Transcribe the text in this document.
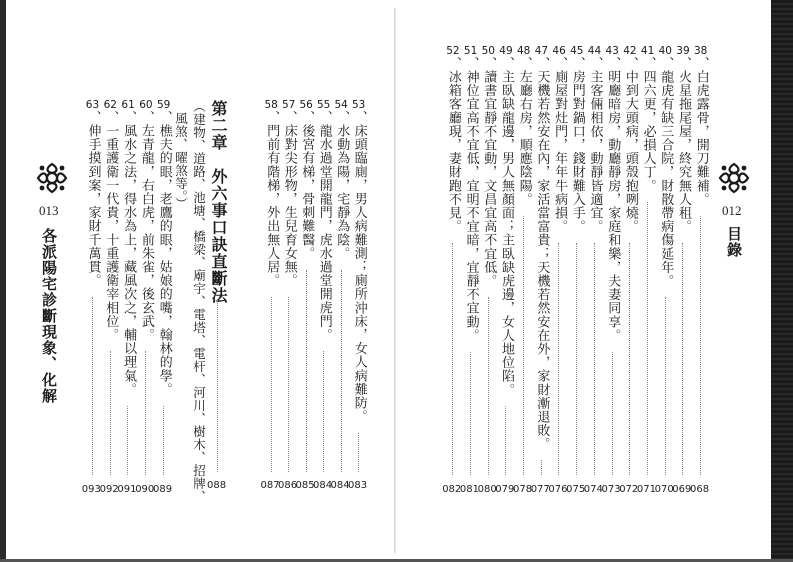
013
各派陽宅診斷現象、化解
第二章　外六事口訣直斷法
（建物、道路、池塘、橋梁、廟宇、電塔、電杆、河川、樹木、招牌、
風煞、曜煞等。）
088
012
目錄
38、白虎露骨，開刀難補。
068
39、火星拖尾屋，終究無人租。
069
40、龍虎有缺三合院，財散帶病傷延年。
070
41、四六更，必損人丁。
071
42、中到大頭病，頭殼抱咧燒。
072
43、明廳暗房，動廳靜房，家庭和樂，夫妻同享。
073
44、主客倆相依，動靜皆適宜。
074
45、房門對鍋口，錢財難入手。
075
46、廁屋對灶門，年年牛病損。
076
47、天機若然安在內，家活當富貴；天機若然安在外，家財漸退敗。
077
48、左廳右房，順應陰陽。
078
49、主臥缺龍邊，男人無顏面；主臥缺虎邊，女人地位陷。
079
50、讀書宜靜不宜動，文昌宜高不宜低。
080
51、神位宜高不宜低，宜明不宜暗，宜靜不宜動。
081
52、冰箱客廳現，妻財跑不見。
082
53、床頭臨廁，男人病難測；廁所沖床，女人病難防。
083
54、水動為陽，宅靜為陰。
084
55、龍水過堂開龍門，虎水過堂開虎門。
084
56、後宮有梯，骨刺難醫。
085
57、床對尖形物，生兒育女無。
086
58、門前有階梯，外出無人居。
087
59、樵夫的眼，老鷹的眼，姑娘的嘴，翰林的學。
089
60、左青龍，右白虎，前朱雀，後玄武。
090
61、風水之法，得水為上，藏風次之，輔以理氣。
091
62、一重護衛一代貴，十重護衛宰相位。
092
63、伸手摸到案，家財千萬貫。
093
